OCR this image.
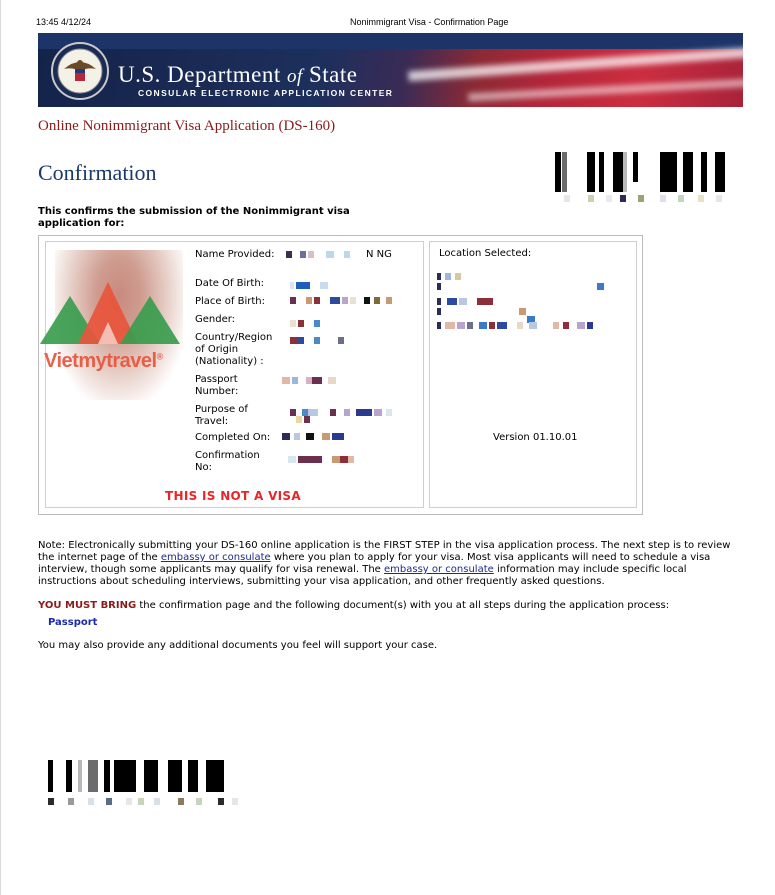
13:45 4/12/24	Nonimmigrant Visa - Confirmation Page
U.S. Department of State
CONSULAR ELECTRONIC APPLICATION CENTER
Online Nonimmigrant Visa Application (DS-160)
Confirmation
This confirms the submission of the Nonimmigrant visa application for:
Vietmytravel®
Name Provided:
Date Of Birth:
Place of Birth:
Gender:
Country/Region of Origin (Nationality) :
Passport Number:
Purpose of Travel:
Completed On:
Confirmation No:
N NG	Location Selected:
Version 01.10.01
THIS IS NOT A VISA
Note: Electronically submitting your DS-160 online application is the FIRST STEP in the visa application process. The next step is to review the internet page of the embassy or consulate where you plan to apply for your visa. Most visa applicants will need to schedule a visa interview, though some applicants may qualify for visa renewal. The embassy or consulate information may include specific local instructions about scheduling interviews, submitting your visa application, and other frequently asked questions.
YOU MUST BRING the confirmation page and the following document(s) with you at all steps during the application process:
Passport
You may also provide any additional documents you feel will support your case.
